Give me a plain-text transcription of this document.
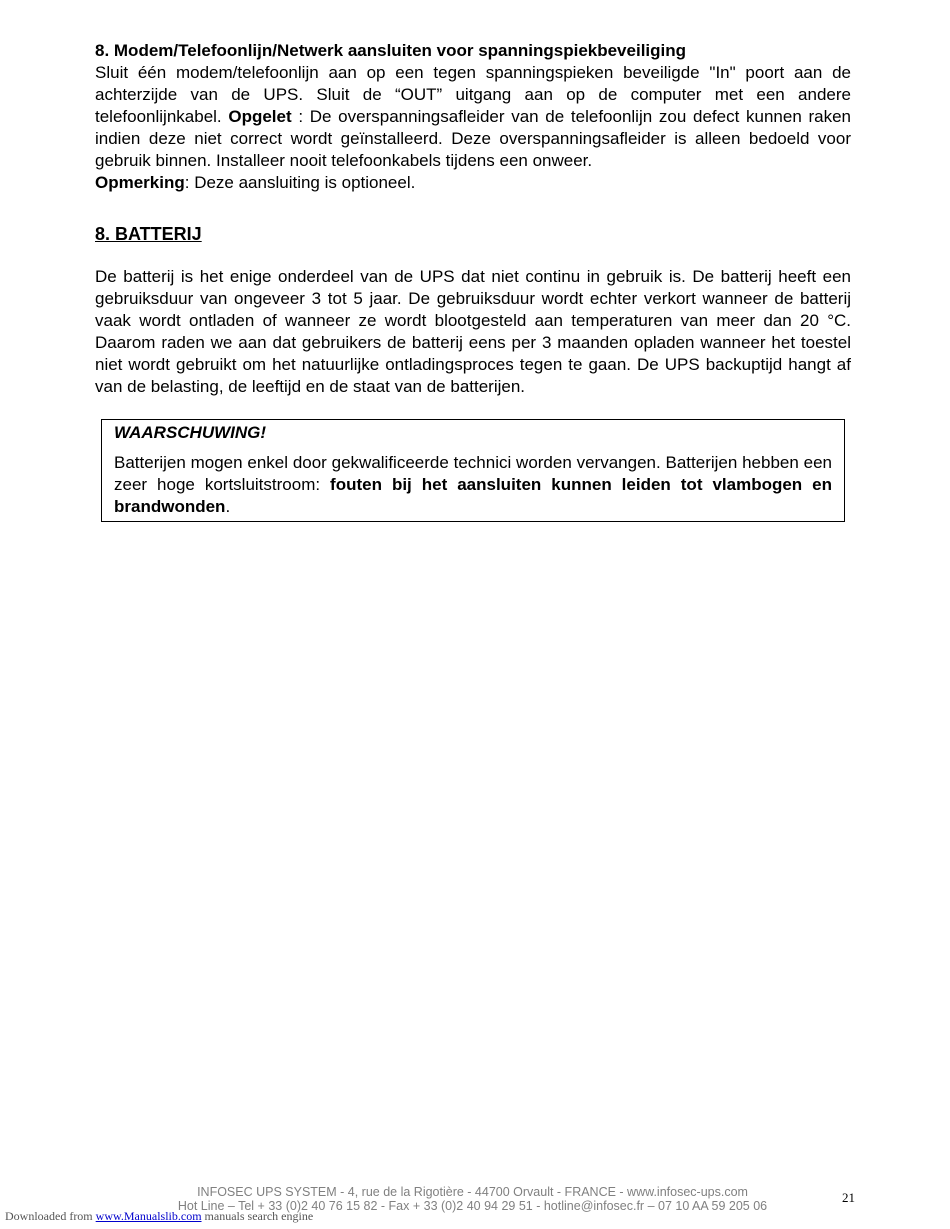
8. Modem/Telefoonlijn/Netwerk aansluiten voor spanningspiekbeveiliging

Sluit één modem/telefoonlijn aan op een tegen spanningspieken beveiligde "In" poort aan de achterzijde van de UPS. Sluit de “OUT” uitgang aan op de computer met een andere telefoonlijnkabel. Opgelet : De overspanningsafleider van de telefoonlijn zou defect kunnen raken indien deze niet correct wordt geïnstalleerd. Deze overspanningsafleider is alleen bedoeld voor gebruik binnen. Installeer nooit telefoonkabels tijdens een onweer.
Opmerking: Deze aansluiting is optioneel.

8. BATTERIJ

De batterij is het enige onderdeel van de UPS dat niet continu in gebruik is. De batterij heeft een gebruiksduur van ongeveer 3 tot 5 jaar. De gebruiksduur wordt echter verkort wanneer de batterij vaak wordt ontladen of wanneer ze wordt blootgesteld aan temperaturen van meer dan 20 °C. Daarom raden we aan dat gebruikers de batterij eens per 3 maanden opladen wanneer het toestel niet wordt gebruikt om het natuurlijke ontladingsproces tegen te gaan. De UPS backuptijd hangt af van de belasting, de leeftijd en de staat van de batterijen.

WAARSCHUWING!

Batterijen mogen enkel door gekwalificeerde technici worden vervangen. Batterijen hebben een zeer hoge kortsluitstroom: fouten bij het aansluiten kunnen leiden tot vlambogen en brandwonden.

INFOSEC UPS SYSTEM - 4, rue de la Rigotière - 44700 Orvault - FRANCE - www.infosec-ups.com
Hot Line – Tel + 33 (0)2 40 76 15 82 - Fax + 33 (0)2 40 94 29 51 - hotline@infosec.fr – 07 10 AA 59 205 06
21
Downloaded from www.Manualslib.com manuals search engine
